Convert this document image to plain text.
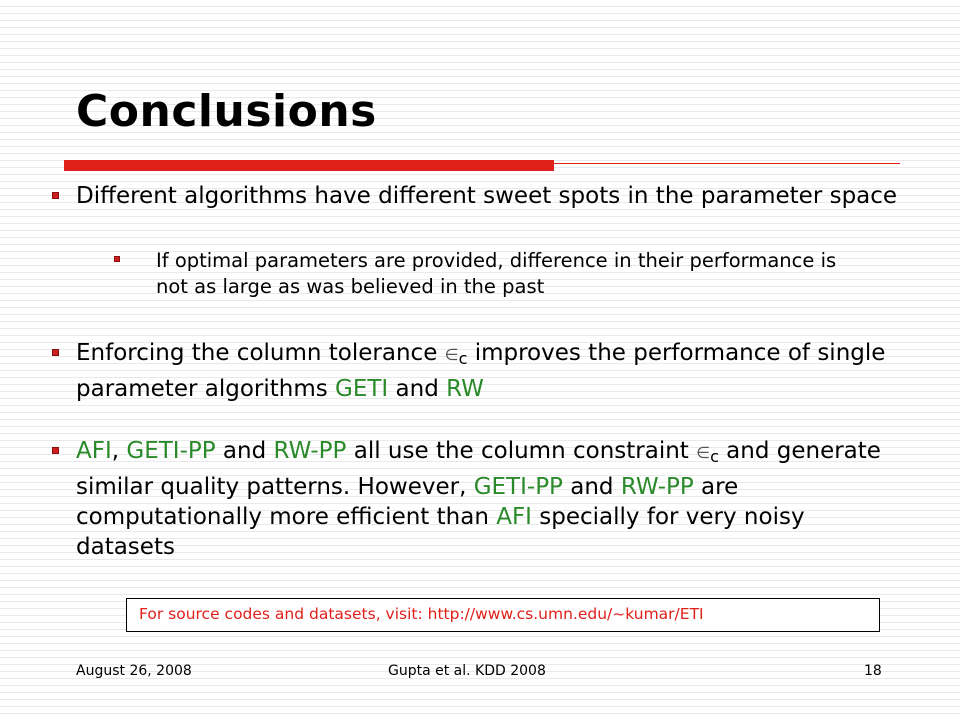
Conclusions
Different algorithms have different sweet spots in the parameter space
If optimal parameters are provided, difference in their performance is not as large as was believed in the past
Enforcing the column tolerance $\in_c$ improves the performance of single parameter algorithms GETI and RW
AFI, GETI-PP and RW-PP all use the column constraint $\in_c$ and generate similar quality patterns. However, GETI-PP and RW-PP are computationally more efficient than AFI specially for very noisy datasets
For source codes and datasets, visit: http://www.cs.umn.edu/~kumar/ETI
August 26, 2008	Gupta et al. KDD 2008	18
